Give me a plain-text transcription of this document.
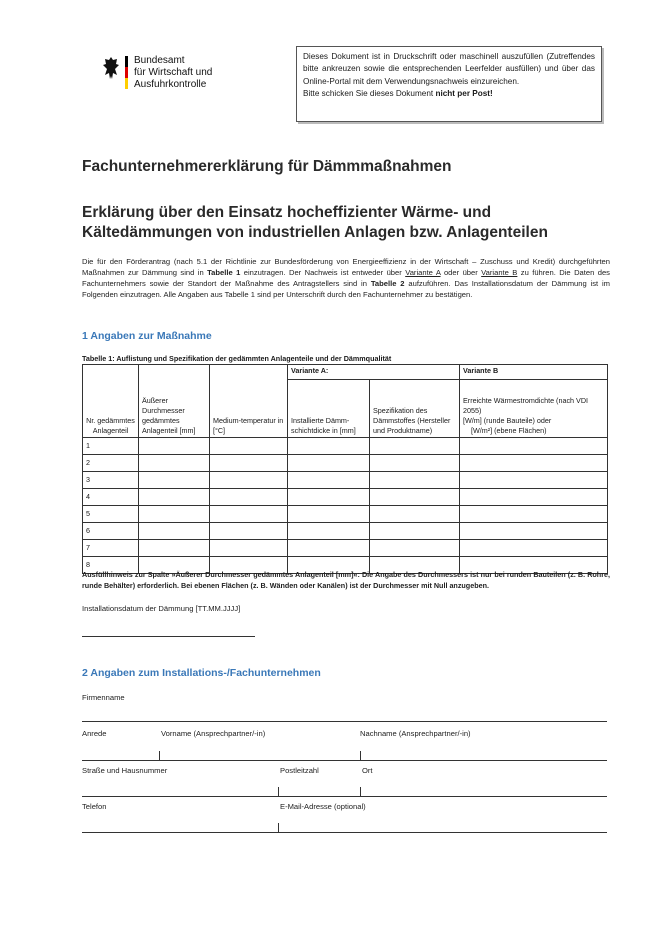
Bundesamt
für Wirtschaft und
Ausfuhrkontrolle
Dieses Dokument ist in Druckschrift oder maschinell auszufüllen (Zutreffendes bitte ankreuzen sowie die entsprechenden Leerfelder ausfüllen) und über das Online-Portal mit dem Verwendungsnachweis einzureichen.
Bitte schicken Sie dieses Dokument nicht per Post!
Fachunternehmererklärung für Dämmmaßnahmen
Erklärung über den Einsatz hocheffizienter Wärme- und Kältedämmungen von industriellen Anlagen bzw. Anlagenteilen
Die für den Förderantrag (nach 5.1 der Richtlinie zur Bundesförderung von Energieeffizienz in der Wirtschaft – Zuschuss und Kredit) durchgeführten Maßnahmen zur Dämmung sind in Tabelle 1 einzutragen. Der Nachweis ist entweder über Variante A oder über Variante B zu führen. Die Daten des Fachunternehmers sowie der Standort der Maßnahme des Antragstellers sind in Tabelle 2 aufzuführen. Das Installationsdatum der Dämmung ist im Folgenden einzutragen. Alle Angaben aus Tabelle 1 sind per Unterschrift durch den Fachunternehmer zu bestätigen.
1 Angaben zur Maßnahme
Tabelle 1: Auflistung und Spezifikation der gedämmten Anlagenteile und der Dämmqualität
Nr. gedämmtes Anlagenteil	Äußerer Durchmesser gedämmtes Anlagenteil [mm]	Medium-temperatur in [°C]	Variante A:		Variante B
			Installierte Dämm-schichtdicke in [mm]	Spezifikation des Dämmstoffes (Hersteller und Produktname)	Erreichte Wärmestromdichte (nach VDI 2055)
[W/m] (runde Bauteile) oder
[W/m²] (ebene Flächen)

1					
2					
3					
4					
5					
6					
7					
8					
Ausfüllhinweis zur Spalte »Äußerer Durchmesser gedämmtes Anlagenteil [mm]«: Die Angabe des Durchmessers ist nur bei runden Bauteilen (z. B. Rohre, runde Behälter) erforderlich. Bei ebenen Flächen (z. B. Wänden oder Kanälen) ist der Durchmesser mit Null anzugeben.
Installationsdatum der Dämmung [TT.MM.JJJJ]
2 Angaben zum Installations-/Fachunternehmen
Firmenname
Anrede	Vorname (Ansprechpartner/-in)	Nachname (Ansprechpartner/-in)
Straße und Hausnummer	Postleitzahl	Ort
Telefon	E-Mail-Adresse (optional)
